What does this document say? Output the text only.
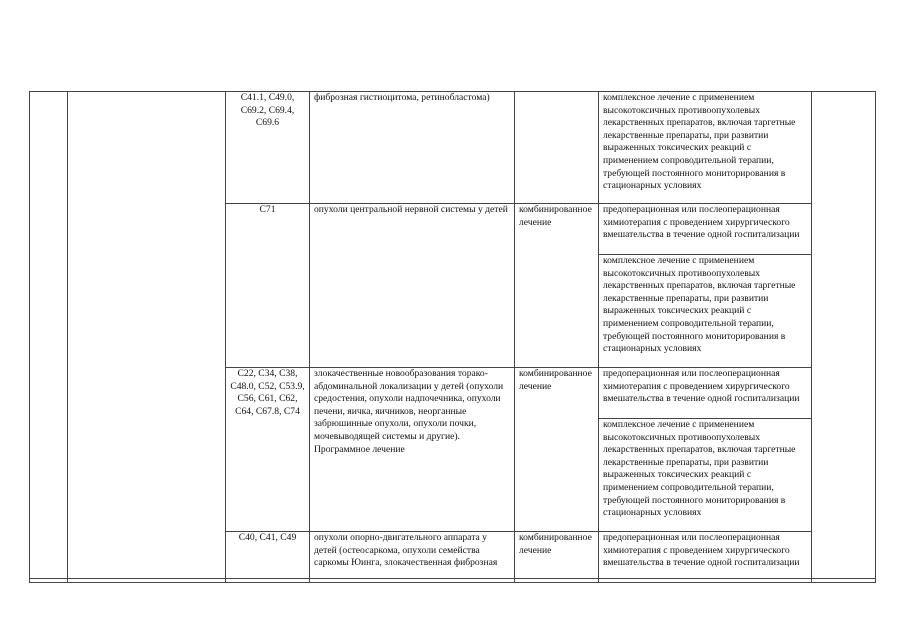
		C41.1, C49.0, C69.2, C69.4, C69.6	фиброзная гистиоцитома, ретинобластома)		комплексное лечение с применением высокотоксичных противоопухолевых лекарственных препаратов, включая таргетные лекарственные препараты, при развитии выраженных токсических реакций с применением сопроводительной терапии, требующей постоянного мониторирования в стационарных условиях	
		C71	опухоли центральной нервной системы у детей	комбинированное лечение	предоперационная или послеоперационная химиотерапия с проведением хирургического вмешательства в течение одной госпитализации	
					комплексное лечение с применением высокотоксичных противоопухолевых лекарственных препаратов, включая таргетные лекарственные препараты, при развитии выраженных токсических реакций с применением сопроводительной терапии, требующей постоянного мониторирования в стационарных условиях	
		C22, C34, C38, C48.0, C52, C53.9, C56, C61, C62, C64, C67.8, C74	злокачественные новообразования торако-абдоминальной локализации у детей (опухоли средостения, опухоли надпочечника, опухоли печени, яичка, яичников, неорганные забрюшинные опухоли, опухоли почки, мочевыводящей системы и другие). Программное лечение	комбинированное лечение	предоперационная или послеоперационная химиотерапия с проведением хирургического вмешательства в течение одной госпитализации	
					комплексное лечение с применением высокотоксичных противоопухолевых лекарственных препаратов, включая таргетные лекарственные препараты, при развитии выраженных токсических реакций с применением сопроводительной терапии, требующей постоянного мониторирования в стационарных условиях	
		C40, C41, C49	опухоли опорно-двигательного аппарата у детей (остеосаркома, опухоли семейства саркомы Юинга, злокачественная фиброзная	комбинированное лечение	предоперационная или послеоперационная химиотерапия с проведением хирургического вмешательства в течение одной госпитализации	
